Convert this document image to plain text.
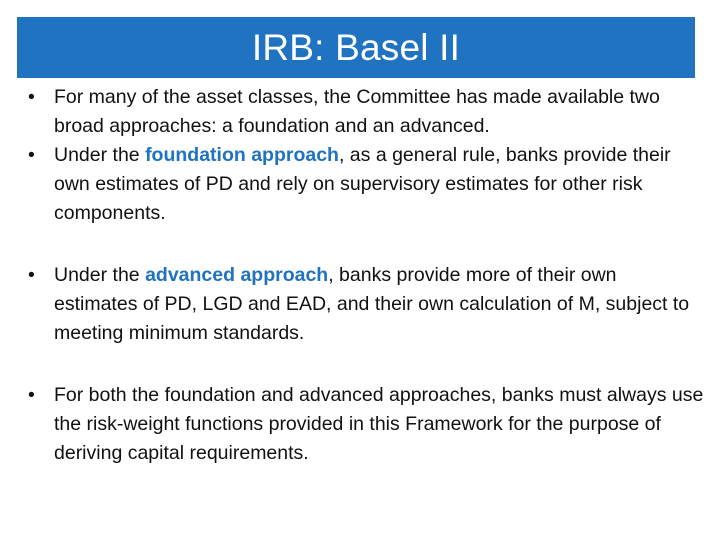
IRB: Basel II
• For many of the asset classes, the Committee has made available two broad approaches: a foundation and an advanced.
• Under the foundation approach, as a general rule, banks provide their own estimates of PD and rely on supervisory estimates for other risk components.
• Under the advanced approach, banks provide more of their own estimates of PD, LGD and EAD, and their own calculation of M, subject to meeting minimum standards.
• For both the foundation and advanced approaches, banks must always use the risk-weight functions provided in this Framework for the purpose of deriving capital requirements.
